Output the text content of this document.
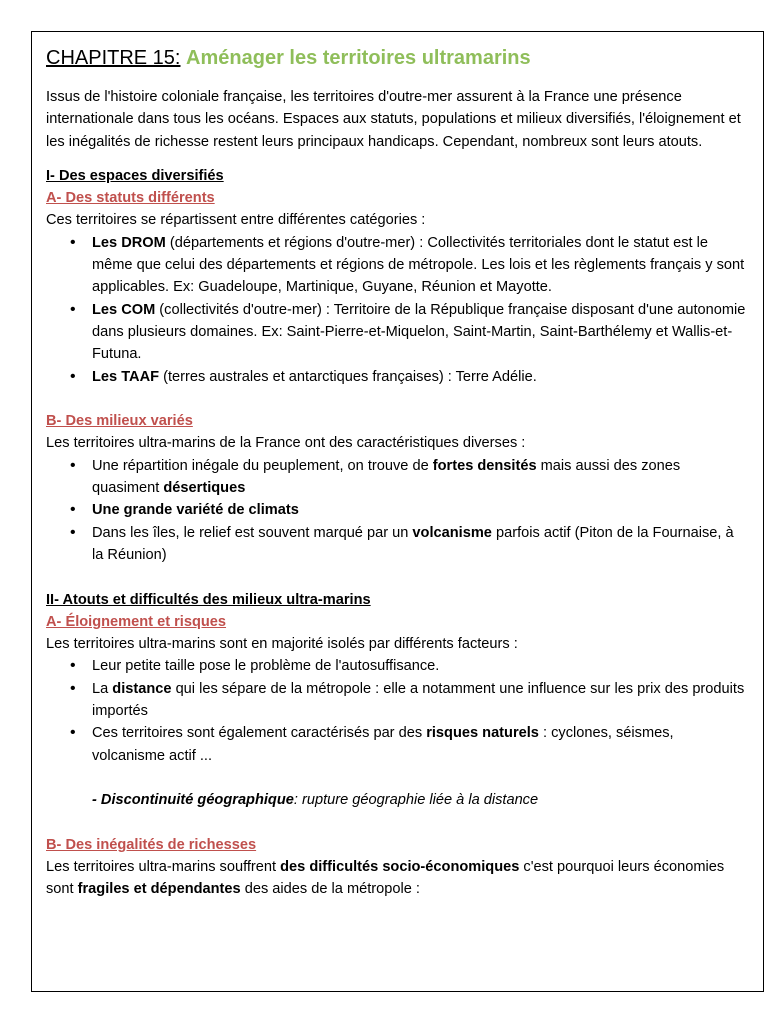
CHAPITRE 15: Aménager les territoires ultramarins

Issus de l'histoire coloniale française, les territoires d'outre-mer assurent à la France une présence internationale dans tous les océans. Espaces aux statuts, populations et milieux diversifiés, l'éloignement et les inégalités de richesse restent leurs principaux handicaps. Cependant, nombreux sont leurs atouts.

I- Des espaces diversifiés

A- Des statuts différents

Ces territoires se répartissent entre différentes catégories :

• Les DROM (départements et régions d'outre-mer) : Collectivités territoriales dont le statut est le même que celui des départements et régions de métropole. Les lois et les règlements français y sont applicables. Ex: Guadeloupe, Martinique, Guyane, Réunion et Mayotte.
• Les COM (collectivités d'outre-mer) : Territoire de la République française disposant d'une autonomie dans plusieurs domaines. Ex: Saint-Pierre-et-Miquelon, Saint-Martin, Saint-Barthélemy et Wallis-et-Futuna.
• Les TAAF (terres australes et antarctiques françaises) : Terre Adélie.

B- Des milieux variés

Les territoires ultra-marins de la France ont des caractéristiques diverses :

• Une répartition inégale du peuplement, on trouve de fortes densités mais aussi des zones quasiment désertiques
• Une grande variété de climats
• Dans les îles, le relief est souvent marqué par un volcanisme parfois actif (Piton de la Fournaise, à la Réunion)

II- Atouts et difficultés des milieux ultra-marins

A- Éloignement et risques

Les territoires ultra-marins sont en majorité isolés par différents facteurs :

• Leur petite taille pose le problème de l'autosuffisance.
• La distance qui les sépare de la métropole : elle a notamment une influence sur les prix des produits importés
• Ces territoires sont également caractérisés par des risques naturels : cyclones, séismes, volcanisme actif ...

- Discontinuité géographique: rupture géographie liée à la distance

B- Des inégalités de richesses

Les territoires ultra-marins souffrent des difficultés socio-économiques c'est pourquoi leurs économies sont fragiles et dépendantes des aides de la métropole :
